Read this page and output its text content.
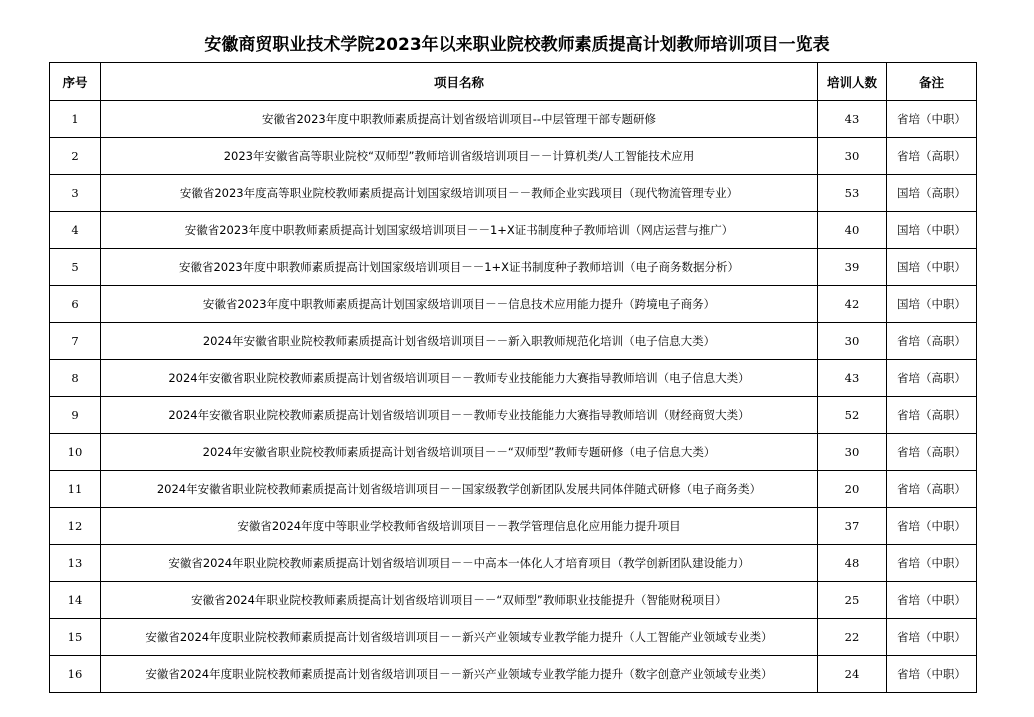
安徽商贸职业技术学院2023年以来职业院校教师素质提高计划教师培训项目一览表
序号	项目名称	培训人数	备注
1	安徽省2023年度中职教师素质提高计划省级培训项目--中层管理干部专题研修	43	省培（中职）
2	2023年安徽省高等职业院校“双师型”教师培训省级培训项目－－计算机类/人工智能技术应用	30	省培（高职）
3	安徽省2023年度高等职业院校教师素质提高计划国家级培训项目－－教师企业实践项目（现代物流管理专业）	53	国培（高职）
4	安徽省2023年度中职教师素质提高计划国家级培训项目－－1+X证书制度种子教师培训（网店运营与推广）	40	国培（中职）
5	安徽省2023年度中职教师素质提高计划国家级培训项目－－1+X证书制度种子教师培训（电子商务数据分析）	39	国培（中职）
6	安徽省2023年度中职教师素质提高计划国家级培训项目－－信息技术应用能力提升（跨境电子商务）	42	国培（中职）
7	2024年安徽省职业院校教师素质提高计划省级培训项目－－新入职教师规范化培训（电子信息大类）	30	省培（高职）
8	2024年安徽省职业院校教师素质提高计划省级培训项目－－教师专业技能能力大赛指导教师培训（电子信息大类）	43	省培（高职）
9	2024年安徽省职业院校教师素质提高计划省级培训项目－－教师专业技能能力大赛指导教师培训（财经商贸大类）	52	省培（高职）
10	2024年安徽省职业院校教师素质提高计划省级培训项目－－“双师型”教师专题研修（电子信息大类）	30	省培（高职）
11	2024年安徽省职业院校教师素质提高计划省级培训项目－－国家级教学创新团队发展共同体伴随式研修（电子商务类）	20	省培（高职）
12	安徽省2024年度中等职业学校教师省级培训项目－－教学管理信息化应用能力提升项目	37	省培（中职）
13	安徽省2024年职业院校教师素质提高计划省级培训项目－－中高本一体化人才培育项目（教学创新团队建设能力）	48	省培（中职）
14	安徽省2024年职业院校教师素质提高计划省级培训项目－－“双师型”教师职业技能提升（智能财税项目）	25	省培（中职）
15	安徽省2024年度职业院校教师素质提高计划省级培训项目－－新兴产业领域专业教学能力提升（人工智能产业领域专业类）	22	省培（中职）
16	安徽省2024年度职业院校教师素质提高计划省级培训项目－－新兴产业领域专业教学能力提升（数字创意产业领域专业类）	24	省培（中职）
